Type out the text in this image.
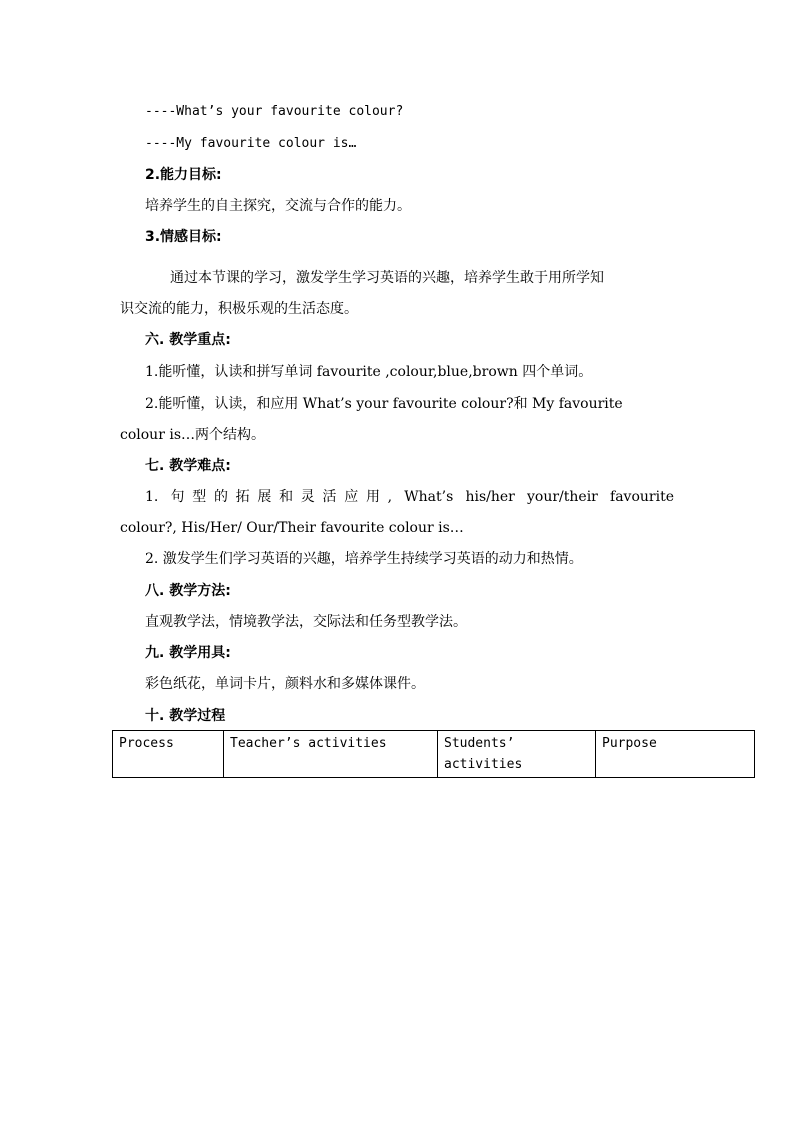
----What’s your favourite colour?
----My favourite colour is…
2.能力目标:
培养学生的自主探究，交流与合作的能力。
3.情感目标:
通过本节课的学习，激发学生学习英语的兴趣，培养学生敢于用所学知
识交流的能力，积极乐观的生活态度。
六. 教学重点:
1.能听懂，认读和拼写单词 favourite ,colour,blue,brown 四个单词。
2.能听懂，认读，和应用 What’s your favourite colour?和 My favourite
colour is…两个结构。
七. 教学难点:
1. 句型的拓展和灵活应用, What’s his/her your/their favourite
colour?, His/Her/ Our/Their favourite colour is…
2. 激发学生们学习英语的兴趣，培养学生持续学习英语的动力和热情。
八. 教学方法:
直观教学法，情境教学法，交际法和任务型教学法。
九. 教学用具:
彩色纸花，单词卡片，颜料水和多媒体课件。
十. 教学过程
Process	Teacher’s activities	Students’ activities	Purpose
